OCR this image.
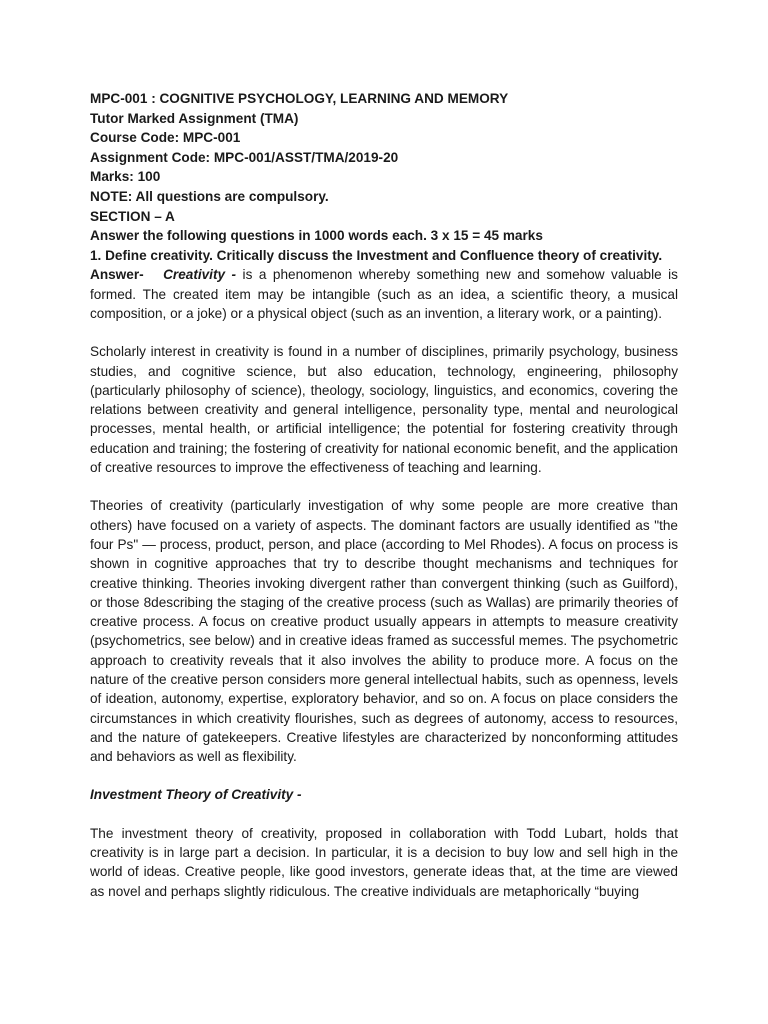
MPC-001 : COGNITIVE PSYCHOLOGY, LEARNING AND MEMORY
Tutor Marked Assignment (TMA)
Course Code: MPC-001
Assignment Code: MPC-001/ASST/TMA/2019-20
Marks: 100
NOTE: All questions are compulsory.
SECTION – A
Answer the following questions in 1000 words each. 3 x 15 = 45 marks
1. Define creativity. Critically discuss the Investment and Confluence theory of creativity.

Answer- Creativity - is a phenomenon whereby something new and somehow valuable is formed. The created item may be intangible (such as an idea, a scientific theory, a musical composition, or a joke) or a physical object (such as an invention, a literary work, or a painting).

Scholarly interest in creativity is found in a number of disciplines, primarily psychology, business studies, and cognitive science, but also education, technology, engineering, philosophy (particularly philosophy of science), theology, sociology, linguistics, and economics, covering the relations between creativity and general intelligence, personality type, mental and neurological processes, mental health, or artificial intelligence; the potential for fostering creativity through education and training; the fostering of creativity for national economic benefit, and the application of creative resources to improve the effectiveness of teaching and learning.

Theories of creativity (particularly investigation of why some people are more creative than others) have focused on a variety of aspects. The dominant factors are usually identified as "the four Ps" — process, product, person, and place (according to Mel Rhodes). A focus on process is shown in cognitive approaches that try to describe thought mechanisms and techniques for creative thinking. Theories invoking divergent rather than convergent thinking (such as Guilford), or those 8describing the staging of the creative process (such as Wallas) are primarily theories of creative process. A focus on creative product usually appears in attempts to measure creativity (psychometrics, see below) and in creative ideas framed as successful memes. The psychometric approach to creativity reveals that it also involves the ability to produce more. A focus on the nature of the creative person considers more general intellectual habits, such as openness, levels of ideation, autonomy, expertise, exploratory behavior, and so on. A focus on place considers the circumstances in which creativity flourishes, such as degrees of autonomy, access to resources, and the nature of gatekeepers. Creative lifestyles are characterized by nonconforming attitudes and behaviors as well as flexibility.

Investment Theory of Creativity -

The investment theory of creativity, proposed in collaboration with Todd Lubart, holds that creativity is in large part a decision. In particular, it is a decision to buy low and sell high in the world of ideas. Creative people, like good investors, generate ideas that, at the time are viewed as novel and perhaps slightly ridiculous. The creative individuals are metaphorically “buying
